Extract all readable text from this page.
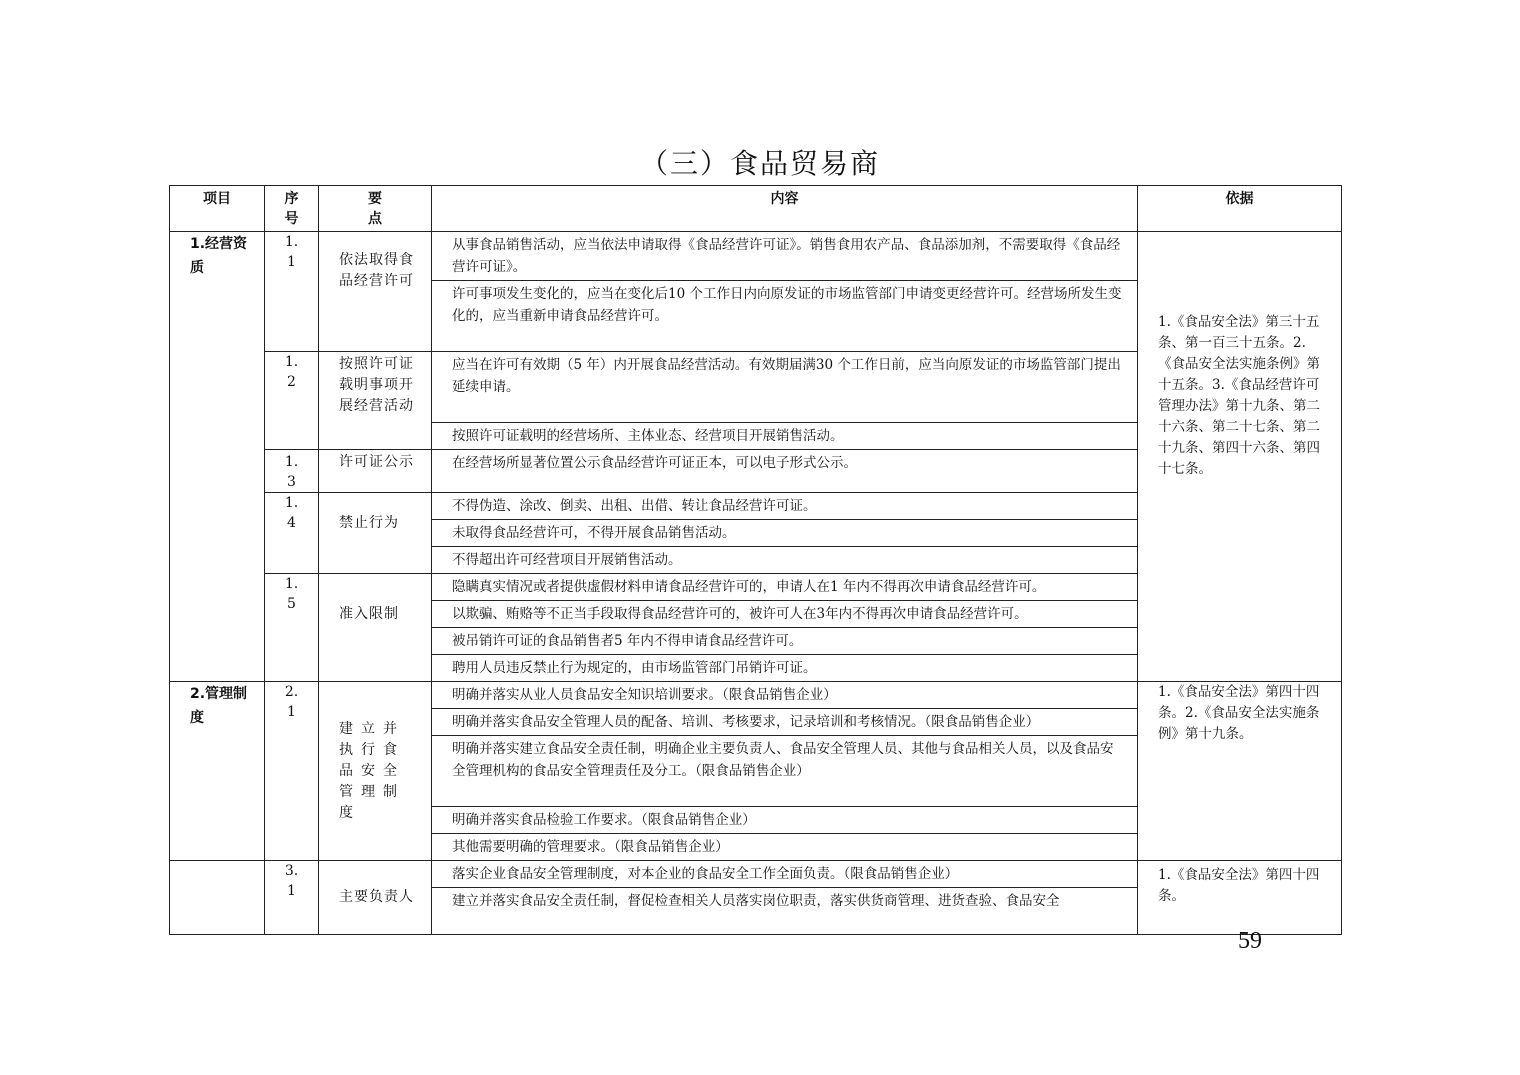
（三）食品贸易商
项目	序号	要点	内容	依据
1.经营资质	1.1	依法取得食品经营许可	从事食品销售活动，应当依法申请取得《食品经营许可证》。销售食用农产品、食品添加剂，不需要取得《食品经营许可证》。	1.《食品安全法》第三十五条、第一百三十五条。2.《食品安全法实施条例》第十五条。3.《食品经营许可管理办法》第十九条、第二十六条、第二十七条、第二十九条、第四十六条、第四十七条。
			许可事项发生变化的，应当在变化后10 个工作日内向原发证的市场监管部门申请变更经营许可。经营场所发生变化的，应当重新申请食品经营许可。	
	1.2	按照许可证载明事项开展经营活动	应当在许可有效期（5 年）内开展食品经营活动。有效期届满30 个工作日前，应当向原发证的市场监管部门提出延续申请。	
			按照许可证载明的经营场所、主体业态、经营项目开展销售活动。	
	1.3	许可证公示	在经营场所显著位置公示食品经营许可证正本，可以电子形式公示。	
	1.4	禁止行为	不得伪造、涂改、倒卖、出租、出借、转让食品经营许可证。	
			未取得食品经营许可，不得开展食品销售活动。	
			不得超出许可经营项目开展销售活动。	
	1.5	准入限制	隐瞒真实情况或者提供虚假材料申请食品经营许可的，申请人在1 年内不得再次申请食品经营许可。	
			以欺骗、贿赂等不正当手段取得食品经营许可的，被许可人在3年内不得再次申请食品经营许可。	
			被吊销许可证的食品销售者5 年内不得申请食品经营许可。	
			聘用人员违反禁止行为规定的，由市场监管部门吊销许可证。	

2.管理制度	2.1	建立并执行食品安全管理制度	明确并落实从业人员食品安全知识培训要求。（限食品销售企业）	1.《食品安全法》第四十四条。2.《食品安全法实施条例》第十九条。
			明确并落实食品安全管理人员的配备、培训、考核要求，记录培训和考核情况。（限食品销售企业）	
			明确并落实建立食品安全责任制，明确企业主要负责人、食品安全管理人员、其他与食品相关人员，以及食品安全管理机构的食品安全管理责任及分工。（限食品销售企业）	
			明确并落实食品检验工作要求。（限食品销售企业）	
			其他需要明确的管理要求。（限食品销售企业）	
	3.1	主要负责人	落实企业食品安全管理制度，对本企业的食品安全工作全面负责。（限食品销售企业）	1.《食品安全法》第四十四条。
			建立并落实食品安全责任制，督促检查相关人员落实岗位职责，落实供货商管理、进货查验、食品安全	
59
